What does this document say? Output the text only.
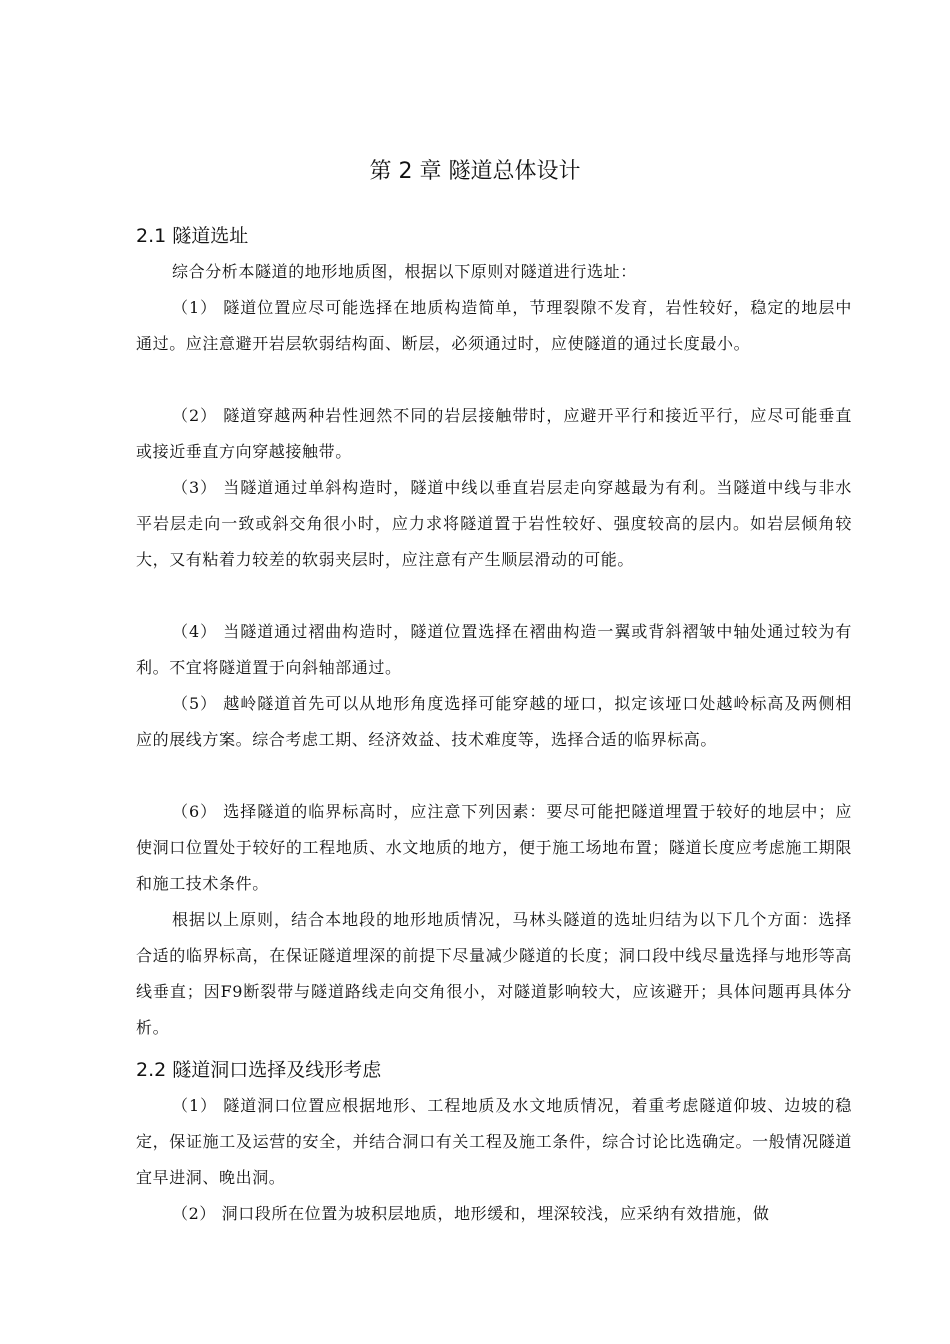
第 2 章 隧道总体设计
2.1 隧道选址

综合分析本隧道的地形地质图，根据以下原则对隧道进行选址：

（1） 隧道位置应尽可能选择在地质构造简单，节理裂隙不发育，岩性较好，稳定的地层中通过。应注意避开岩层软弱结构面、断层，必须通过时，应使隧道的通过长度最小。

（2） 隧道穿越两种岩性迥然不同的岩层接触带时，应避开平行和接近平行，应尽可能垂直或接近垂直方向穿越接触带。

（3） 当隧道通过单斜构造时，隧道中线以垂直岩层走向穿越最为有利。当隧道中线与非水平岩层走向一致或斜交角很小时，应力求将隧道置于岩性较好、强度较高的层内。如岩层倾角较大，又有粘着力较差的软弱夹层时，应注意有产生顺层滑动的可能。

（4） 当隧道通过褶曲构造时，隧道位置选择在褶曲构造一翼或背斜褶皱中轴处通过较为有利。不宜将隧道置于向斜轴部通过。

（5） 越岭隧道首先可以从地形角度选择可能穿越的垭口，拟定该垭口处越岭标高及两侧相应的展线方案。综合考虑工期、经济效益、技术难度等，选择合适的临界标高。

（6） 选择隧道的临界标高时，应注意下列因素：要尽可能把隧道埋置于较好的地层中；应使洞口位置处于较好的工程地质、水文地质的地方，便于施工场地布置；隧道长度应考虑施工期限和施工技术条件。

根据以上原则，结合本地段的地形地质情况，马林头隧道的选址归结为以下几个方面：选择合适的临界标高，在保证隧道埋深的前提下尽量减少隧道的长度；洞口段中线尽量选择与地形等高线垂直；因F9断裂带与隧道路线走向交角很小，对隧道影响较大，应该避开；具体问题再具体分析。

2.2 隧道洞口选择及线形考虑

（1） 隧道洞口位置应根据地形、工程地质及水文地质情况，着重考虑隧道仰坡、边坡的稳定，保证施工及运营的安全，并结合洞口有关工程及施工条件，综合讨论比选确定。一般情况隧道宜早进洞、晚出洞。

（2） 洞口段所在位置为坡积层地质，地形缓和，埋深较浅，应采纳有效措施，做
